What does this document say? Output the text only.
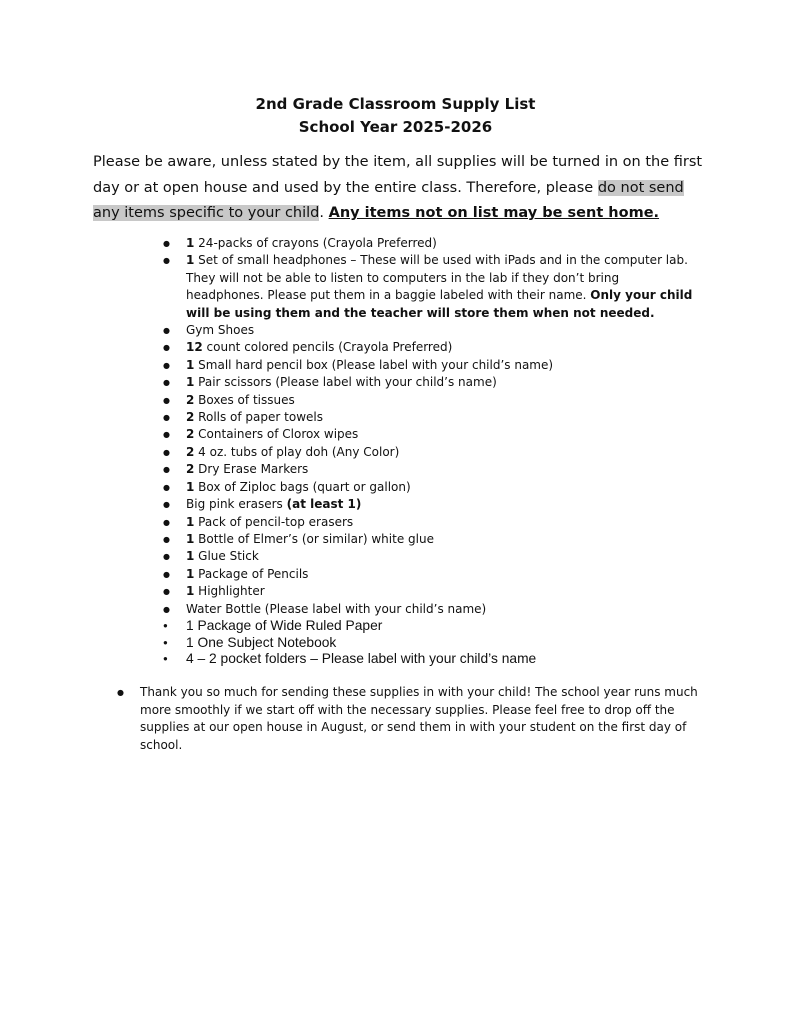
2nd Grade Classroom Supply List
School Year 2025-2026
Please be aware, unless stated by the item, all supplies will be turned in on the first day or at open house and used by the entire class. Therefore, please do not send any items specific to your child. Any items not on list may be sent home.
● 1 24-packs of crayons (Crayola Preferred)
● 1 Set of small headphones – These will be used with iPads and in the computer lab. They will not be able to listen to computers in the lab if they don’t bring headphones. Please put them in a baggie labeled with their name. Only your child will be using them and the teacher will store them when not needed.
● Gym Shoes
● 12 count colored pencils (Crayola Preferred)
● 1 Small hard pencil box (Please label with your child’s name)
● 1 Pair scissors (Please label with your child’s name)
● 2 Boxes of tissues
● 2 Rolls of paper towels
● 2 Containers of Clorox wipes
● 2 4 oz. tubs of play doh (Any Color)
● 2 Dry Erase Markers
● 1 Box of Ziploc bags (quart or gallon)
● Big pink erasers (at least 1)
● 1 Pack of pencil-top erasers
● 1 Bottle of Elmer’s (or similar) white glue
● 1 Glue Stick
● 1 Package of Pencils
● 1 Highlighter
● Water Bottle (Please label with your child’s name)
● 1 Package of Wide Ruled Paper
● 1 One Subject Notebook
● 4 – 2 pocket folders – Please label with your child’s name
● Thank you so much for sending these supplies in with your child! The school year runs much more smoothly if we start off with the necessary supplies. Please feel free to drop off the supplies at our open house in August, or send them in with your student on the first day of school.
